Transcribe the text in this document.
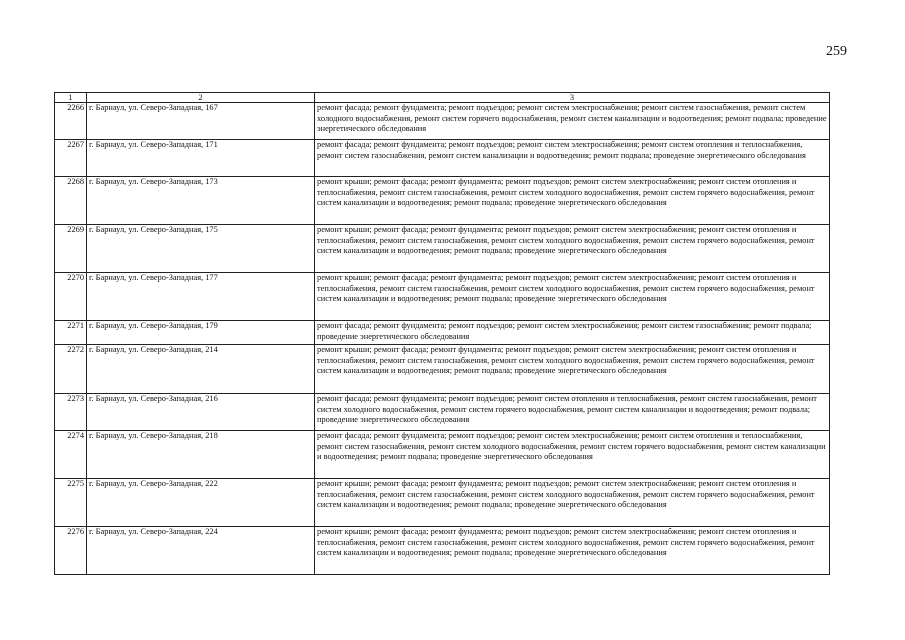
259
1	2	3
2266	г. Барнаул, ул. Северо-Западная, 167	ремонт фасада; ремонт фундамента; ремонт подъездов; ремонт систем электроснабжения; ремонт систем газоснабжения, ремонт систем холодного водоснабжения, ремонт систем горячего водоснабжения, ремонт систем канализации и водоотведения; ремонт подвала; проведение энергетического обследования
2267	г. Барнаул, ул. Северо-Западная, 171	ремонт фасада; ремонт фундамента; ремонт подъездов; ремонт систем электроснабжения; ремонт систем отопления и теплоснабжения, ремонт систем газоснабжения, ремонт систем канализации и водоотведения; ремонт подвала; проведение энергетического обследования
2268	г. Барнаул, ул. Северо-Западная, 173	ремонт крыши; ремонт фасада; ремонт фундамента; ремонт подъездов; ремонт систем электроснабжения; ремонт систем отопления и теплоснабжения, ремонт систем газоснабжения, ремонт систем холодного водоснабжения, ремонт систем горячего водоснабжения, ремонт систем канализации и водоотведения; ремонт подвала; проведение энергетического обследования
2269	г. Барнаул, ул. Северо-Западная, 175	ремонт крыши; ремонт фасада; ремонт фундамента; ремонт подъездов; ремонт систем электроснабжения; ремонт систем отопления и теплоснабжения, ремонт систем газоснабжения, ремонт систем холодного водоснабжения, ремонт систем горячего водоснабжения, ремонт систем канализации и водоотведения; ремонт подвала; проведение энергетического обследования
2270	г. Барнаул, ул. Северо-Западная, 177	ремонт крыши; ремонт фасада; ремонт фундамента; ремонт подъездов; ремонт систем электроснабжения; ремонт систем отопления и теплоснабжения, ремонт систем газоснабжения, ремонт систем холодного водоснабжения, ремонт систем горячего водоснабжения, ремонт систем канализации и водоотведения; ремонт подвала; проведение энергетического обследования
2271	г. Барнаул, ул. Северо-Западная, 179	ремонт фасада; ремонт фундамента; ремонт подъездов; ремонт систем электроснабжения; ремонт систем газоснабжения; ремонт подвала; проведение энергетического обследования
2272	г. Барнаул, ул. Северо-Западная, 214	ремонт крыши; ремонт фасада; ремонт фундамента; ремонт подъездов; ремонт систем электроснабжения; ремонт систем отопления и теплоснабжения, ремонт систем газоснабжения, ремонт систем холодного водоснабжения, ремонт систем горячего водоснабжения, ремонт систем канализации и водоотведения; ремонт подвала; проведение энергетического обследования
2273	г. Барнаул, ул. Северо-Западная, 216	ремонт фасада; ремонт фундамента; ремонт подъездов; ремонт систем отопления и теплоснабжения, ремонт систем газоснабжения, ремонт систем холодного водоснабжения, ремонт систем горячего водоснабжения, ремонт систем канализации и водоотведения; ремонт подвала; проведение энергетического обследования
2274	г. Барнаул, ул. Северо-Западная, 218	ремонт фасада; ремонт фундамента; ремонт подъездов; ремонт систем электроснабжения; ремонт систем отопления и теплоснабжения, ремонт систем газоснабжения, ремонт систем холодного водоснабжения, ремонт систем горячего водоснабжения, ремонт систем канализации и водоотведения; ремонт подвала; проведение энергетического обследования
2275	г. Барнаул, ул. Северо-Западная, 222	ремонт крыши; ремонт фасада; ремонт фундамента; ремонт подъездов; ремонт систем электроснабжения; ремонт систем отопления и теплоснабжения, ремонт систем газоснабжения, ремонт систем холодного водоснабжения, ремонт систем горячего водоснабжения, ремонт систем канализации и водоотведения; ремонт подвала; проведение энергетического обследования
2276	г. Барнаул, ул. Северо-Западная, 224	ремонт крыши; ремонт фасада; ремонт фундамента; ремонт подъездов; ремонт систем электроснабжения; ремонт систем отопления и теплоснабжения, ремонт систем газоснабжения, ремонт систем холодного водоснабжения, ремонт систем горячего водоснабжения, ремонт систем канализации и водоотведения; ремонт подвала; проведение энергетического обследования
